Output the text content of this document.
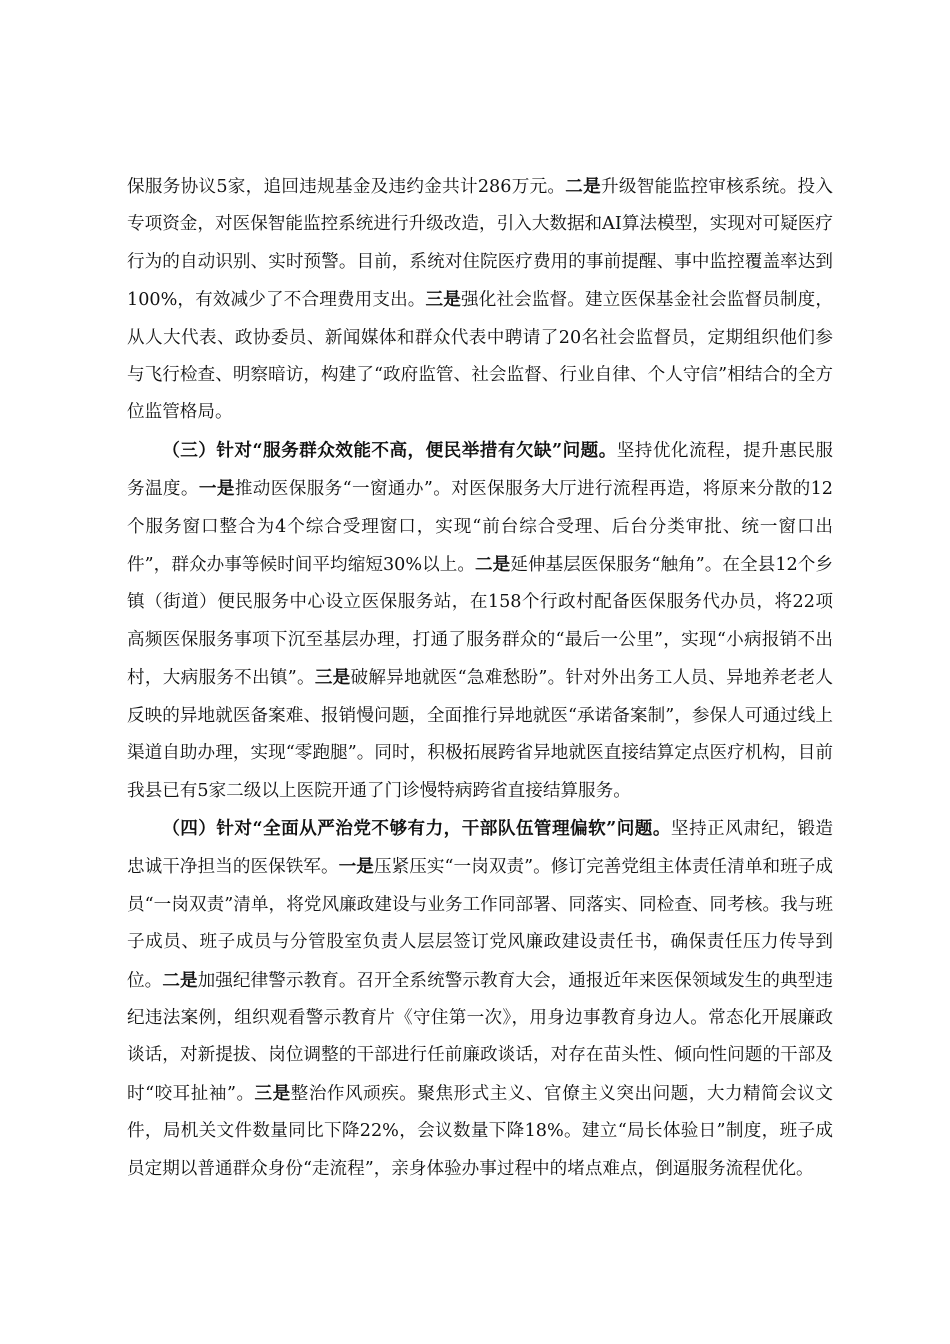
保服务协议5家，追回违规基金及违约金共计286万元。二是升级智能监控审核系统。投入专项资金，对医保智能监控系统进行升级改造，引入大数据和AI算法模型，实现对可疑医疗行为的自动识别、实时预警。目前，系统对住院医疗费用的事前提醒、事中监控覆盖率达到100%，有效减少了不合理费用支出。三是强化社会监督。建立医保基金社会监督员制度，从人大代表、政协委员、新闻媒体和群众代表中聘请了20名社会监督员，定期组织他们参与飞行检查、明察暗访，构建了“政府监管、社会监督、行业自律、个人守信”相结合的全方位监管格局。

（三）针对“服务群众效能不高，便民举措有欠缺”问题。坚持优化流程，提升惠民服务温度。一是推动医保服务“一窗通办”。对医保服务大厅进行流程再造，将原来分散的12个服务窗口整合为4个综合受理窗口，实现“前台综合受理、后台分类审批、统一窗口出件”，群众办事等候时间平均缩短30%以上。二是延伸基层医保服务“触角”。在全县12个乡镇（街道）便民服务中心设立医保服务站，在158个行政村配备医保服务代办员，将22项高频医保服务事项下沉至基层办理，打通了服务群众的“最后一公里”，实现“小病报销不出村，大病服务不出镇”。三是破解异地就医“急难愁盼”。针对外出务工人员、异地养老老人反映的异地就医备案难、报销慢问题，全面推行异地就医“承诺备案制”，参保人可通过线上渠道自助办理，实现“零跑腿”。同时，积极拓展跨省异地就医直接结算定点医疗机构，目前我县已有5家二级以上医院开通了门诊慢特病跨省直接结算服务。

（四）针对“全面从严治党不够有力，干部队伍管理偏软”问题。坚持正风肃纪，锻造忠诚干净担当的医保铁军。一是压紧压实“一岗双责”。修订完善党组主体责任清单和班子成员“一岗双责”清单，将党风廉政建设与业务工作同部署、同落实、同检查、同考核。我与班子成员、班子成员与分管股室负责人层层签订党风廉政建设责任书，确保责任压力传导到位。二是加强纪律警示教育。召开全系统警示教育大会，通报近年来医保领域发生的典型违纪违法案例，组织观看警示教育片《守住第一次》，用身边事教育身边人。常态化开展廉政谈话，对新提拔、岗位调整的干部进行任前廉政谈话，对存在苗头性、倾向性问题的干部及时“咬耳扯袖”。三是整治作风顽疾。聚焦形式主义、官僚主义突出问题，大力精简会议文件，局机关文件数量同比下降22%，会议数量下降18%。建立“局长体验日”制度，班子成员定期以普通群众身份“走流程”，亲身体验办事过程中的堵点难点，倒逼服务流程优化。
